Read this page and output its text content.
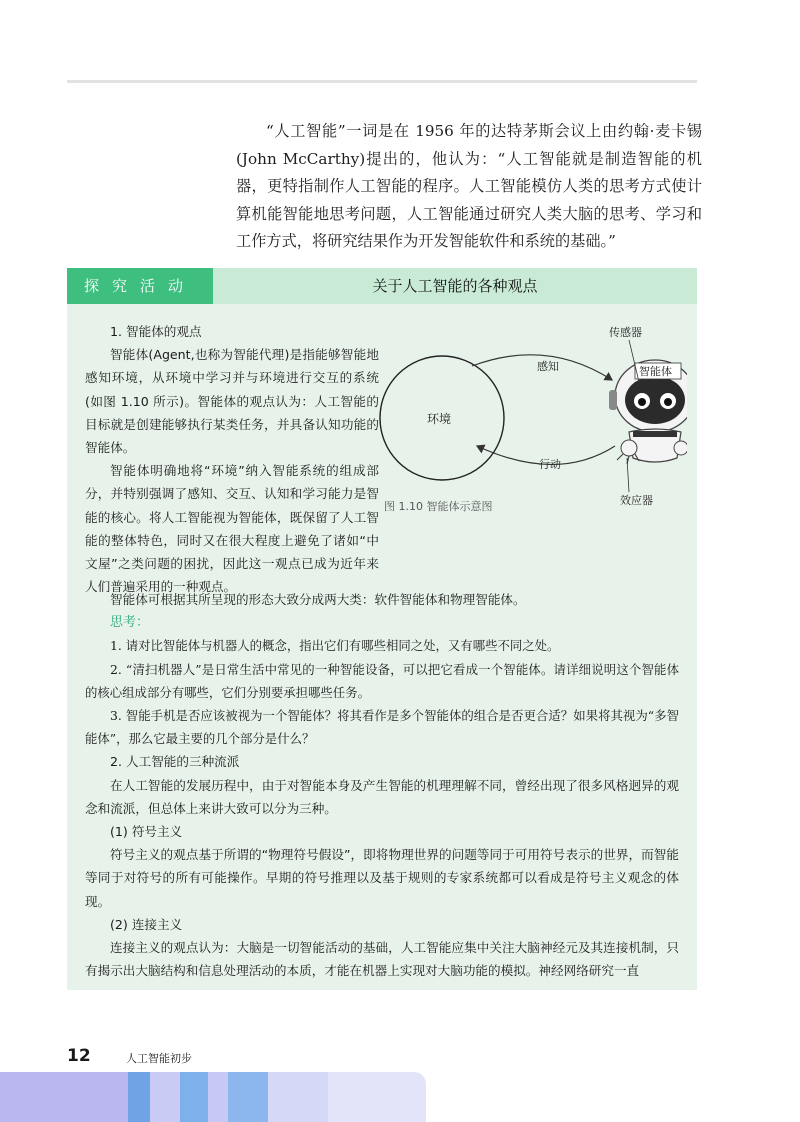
“人工智能”一词是在 1956 年的达特茅斯会议上由约翰·麦卡锡(John McCarthy)提出的，他认为：“人工智能就是制造智能的机器，更特指制作人工智能的程序。人工智能模仿人类的思考方式使计算机能智能地思考问题，人工智能通过研究人类大脑的思考、学习和工作方式，将研究结果作为开发智能软件和系统的基础。”

探究活动	关于人工智能的各种观点

1. 智能体的观点

智能体(Agent,也称为智能代理)是指能够智能地感知环境，从环境中学习并与环境进行交互的系统(如图 1.10 所示)。智能体的观点认为：人工智能的目标就是创建能够执行某类任务，并具备认知功能的智能体。

智能体明确地将“环境”纳入智能系统的组成部分，并特别强调了感知、交互、认知和学习能力是智能的核心。将人工智能视为智能体，既保留了人工智能的整体特色，同时又在很大程度上避免了诸如“中文屋”之类问题的困扰，因此这一观点已成为近年来人们普遍采用的一种观点。

环境
感知
行动
智能体
传感器
效应器
图 1.10 智能体示意图

智能体可根据其所呈现的形态大致分成两大类：软件智能体和物理智能体。

思考：

1. 请对比智能体与机器人的概念，指出它们有哪些相同之处，又有哪些不同之处。

2. “清扫机器人”是日常生活中常见的一种智能设备，可以把它看成一个智能体。请详细说明这个智能体的核心组成部分有哪些，它们分别要承担哪些任务。

3. 智能手机是否应该被视为一个智能体？将其看作是多个智能体的组合是否更合适？如果将其视为“多智能体”，那么它最主要的几个部分是什么？

2. 人工智能的三种流派

在人工智能的发展历程中，由于对智能本身及产生智能的机理理解不同，曾经出现了很多风格迥异的观念和流派，但总体上来讲大致可以分为三种。

(1) 符号主义

符号主义的观点基于所谓的“物理符号假设”，即将物理世界的问题等同于可用符号表示的世界，而智能等同于对符号的所有可能操作。早期的符号推理以及基于规则的专家系统都可以看成是符号主义观念的体现。

(2) 连接主义

连接主义的观点认为：大脑是一切智能活动的基础，人工智能应集中关注大脑神经元及其连接机制，只有揭示出大脑结构和信息处理活动的本质，才能在机器上实现对大脑功能的模拟。神经网络研究一直

12	人工智能初步
